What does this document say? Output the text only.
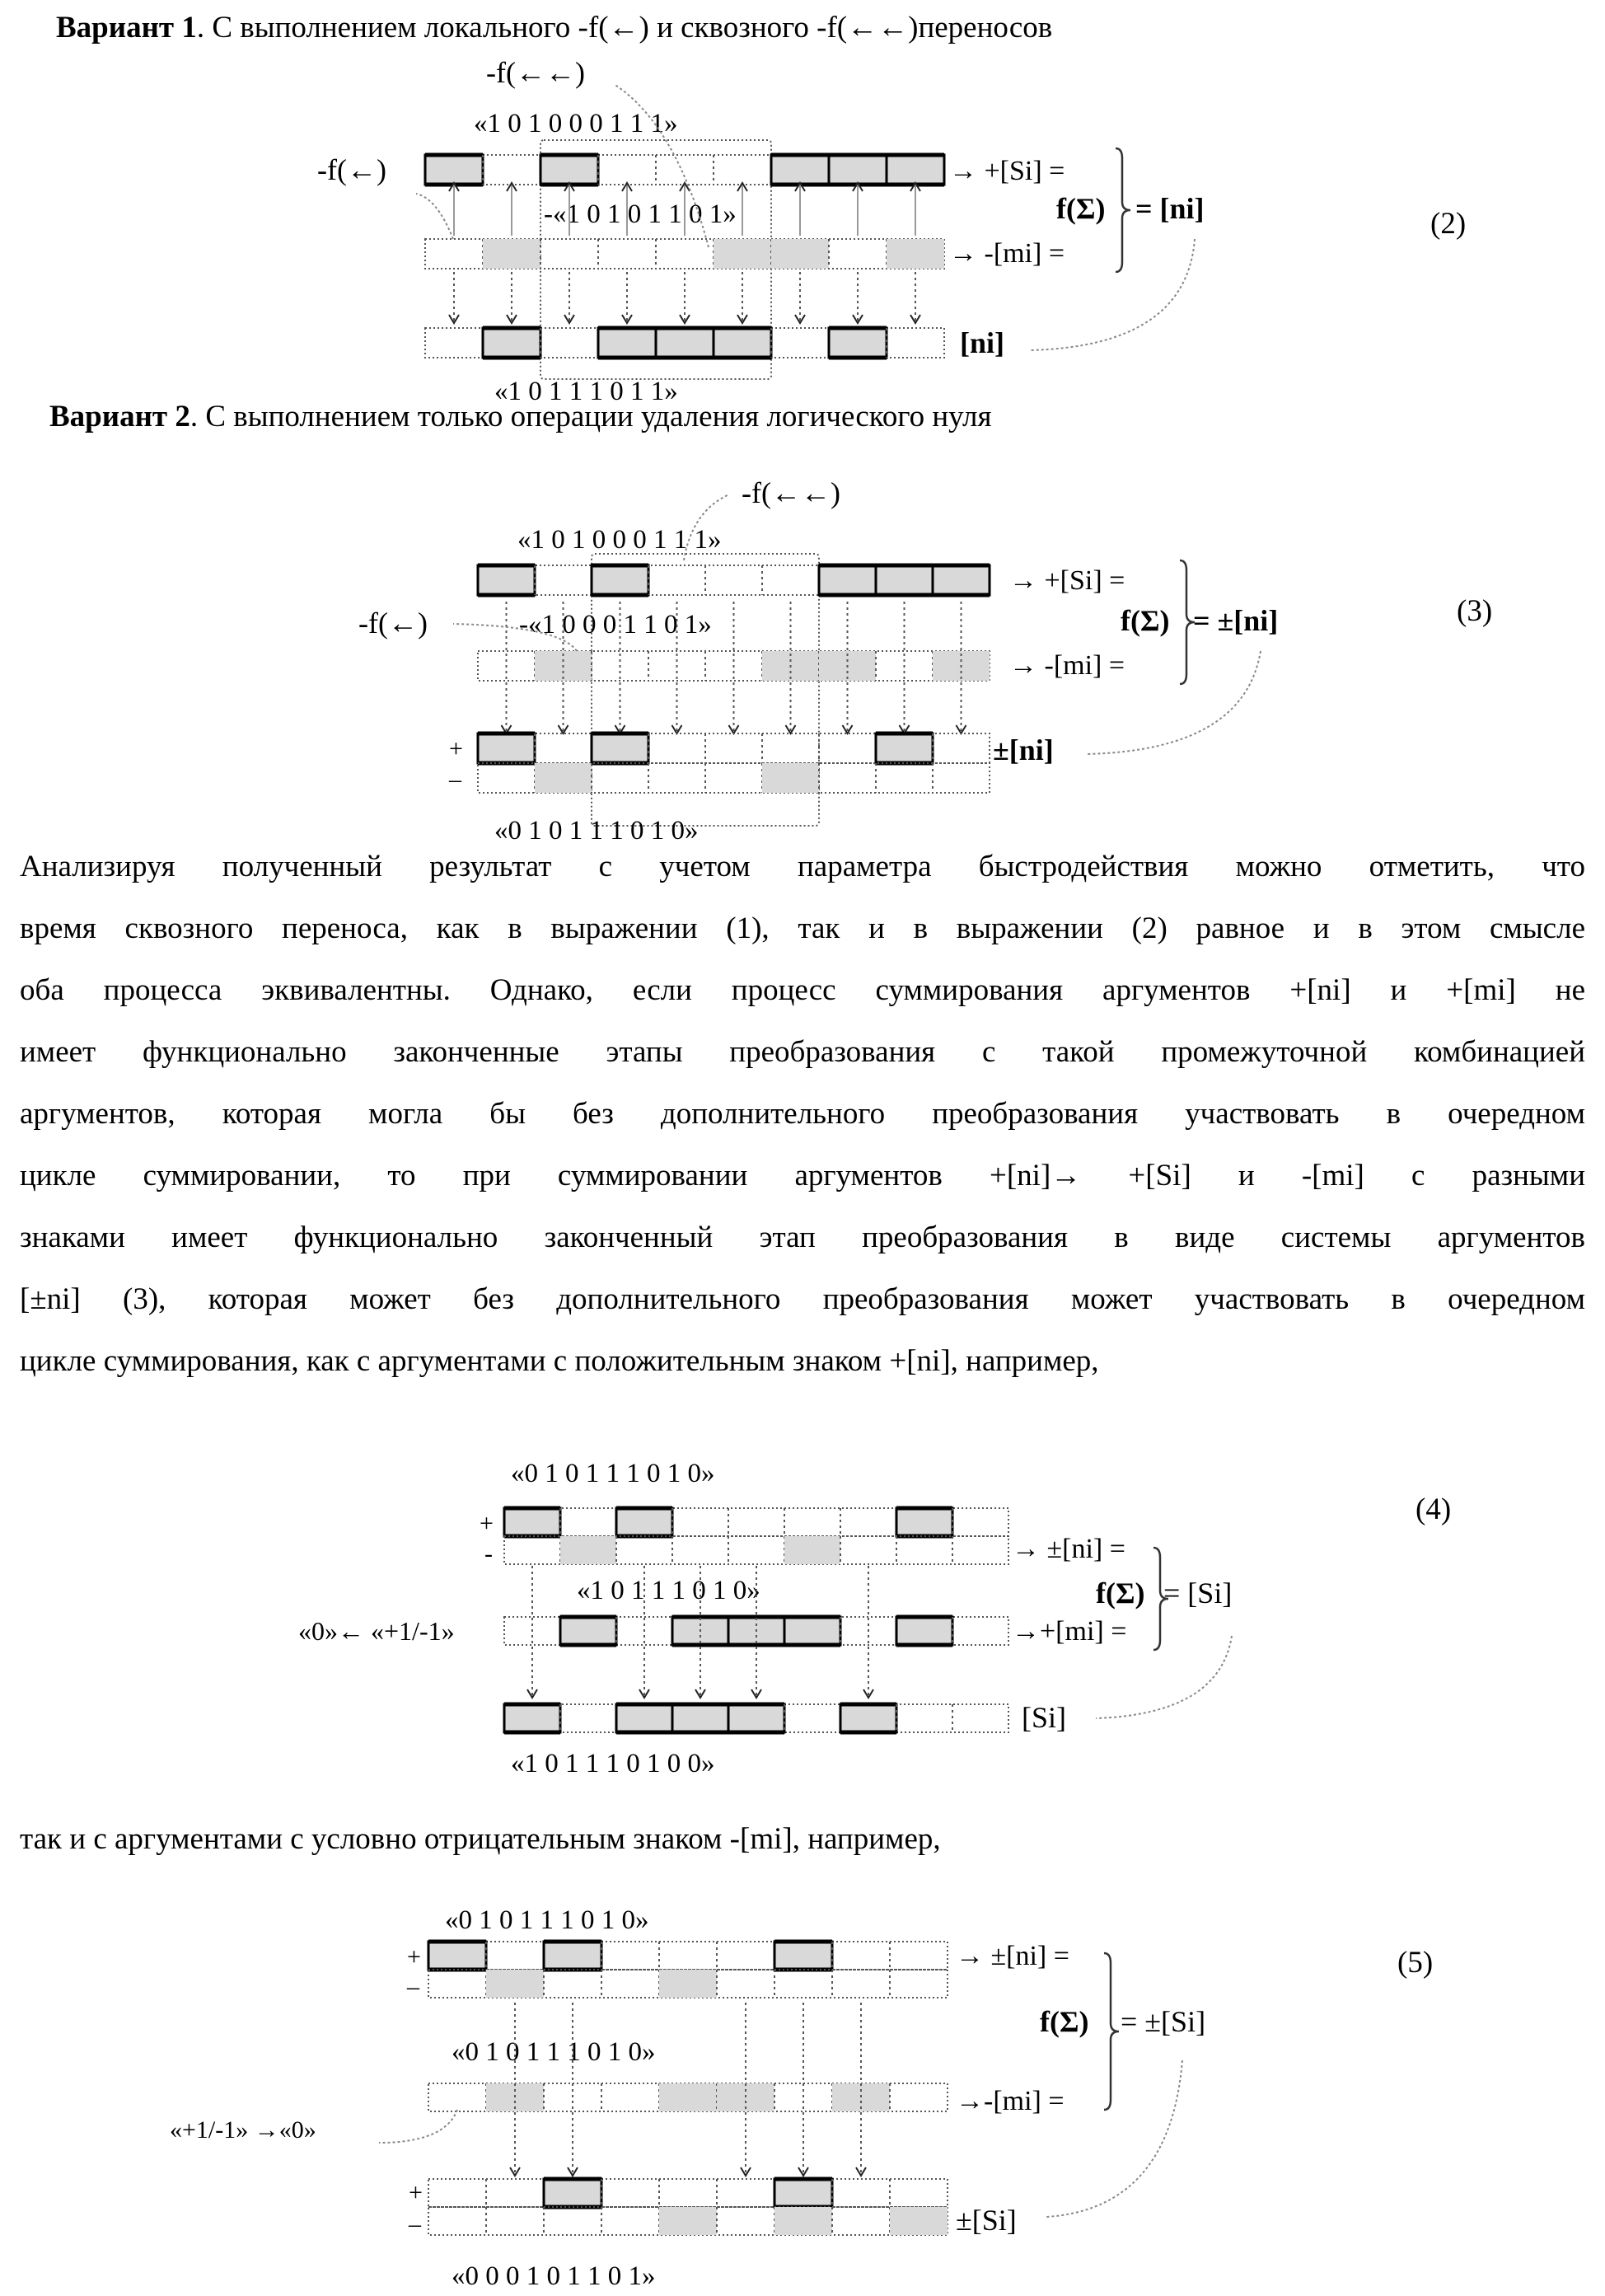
Вариант 1. С выполнением локального -f(←) и сквозного -f(←←)переносов
-f(←←)
«1 0 1 0 0 0 1 1 1»
-f(←)
-«1 0 1 0 1 1 0 1»
«1 0 1 1 1 0 1 1»
→ +[Si] =
→ -[mi] =
f(Σ) = [ni]
[ni]
(2)
Вариант 2. С выполнением только операции удаления логического нуля
-f(←←)
«1 0 1 0 0 0 1 1 1»
-f(←)	-«1 0 0 0 1 1 0 1»
+
–
«0 1 0 1 1 1 0 1 0»
→ +[Si] =
→ -[mi] =
f(Σ) = ±[ni]
±[ni]
(3)
Анализируя полученный результат с учетом параметра быстродействия можно отметить, что
время сквозного переноса, как в выражении (1), так и в выражении (2) равное и в этом смысле
оба процесса эквивалентны. Однако, если процесс суммирования аргументов +[ni] и +[mi] не
имеет функционально законченные этапы преобразования с такой промежуточной комбинацией
аргументов, которая могла бы без дополнительного преобразования участвовать в очередном
цикле суммировании, то при суммировании аргументов +[ni]→ +[Si] и -[mi] с разными
знаками имеет функционально законченный этап преобразования в виде системы аргументов
[±ni] (3), которая может без дополнительного преобразования может участвовать в очередном
цикле суммирования, как с аргументами с положительным знаком +[ni], например,
«0 1 0 1 1 1 0 1 0»
+
-
«1 0 1 1 1 0 1 0»
«0»← «+1/-1»
«1 0 1 1 1 0 1 0 0»
→ ±[ni] =
→+[mi] =
f(Σ) = [Si]
[Si]
(4)
так и с аргументами с условно отрицательным знаком -[mi], например,
«0 1 0 1 1 1 0 1 0»
+
–
«0 1 0 1 1 1 0 1 0»
«+1/-1» →«0»
+
–
«0 0 0 1 0 1 1 0 1»
→ ±[ni] =
→-[mi] =
f(Σ) = ±[Si]
±[Si]
(5)
